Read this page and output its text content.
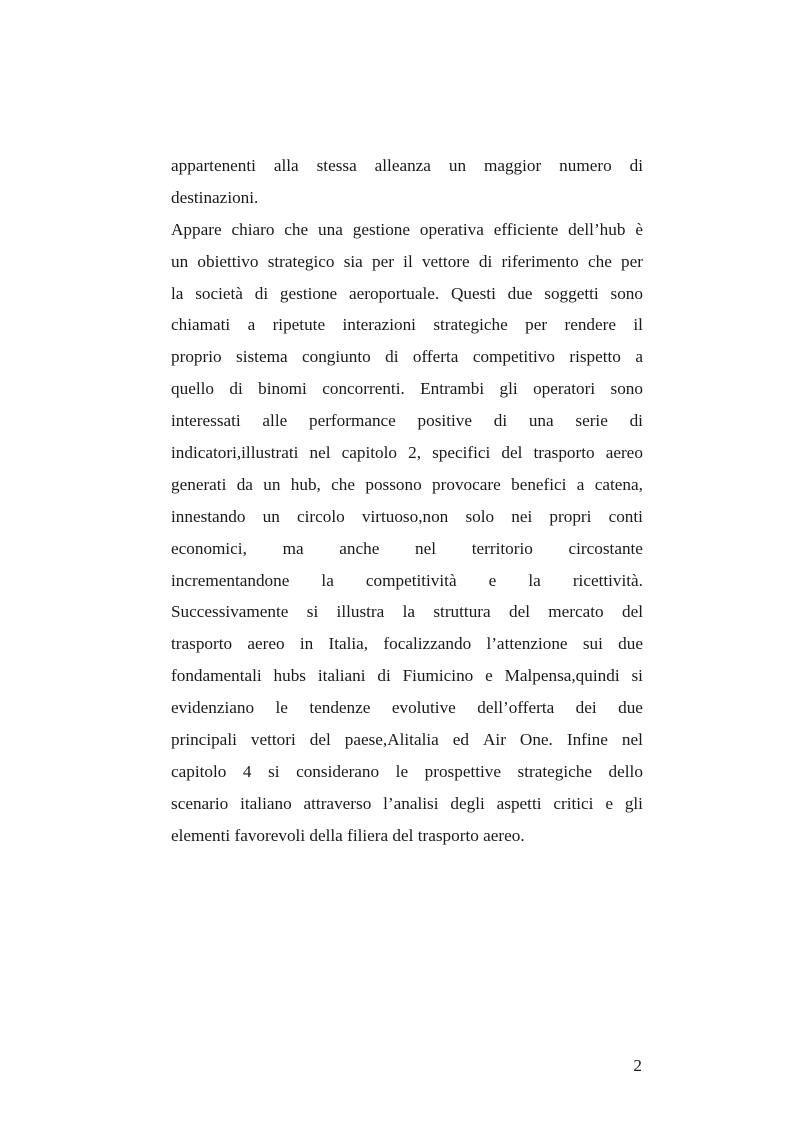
appartenenti alla stessa alleanza un maggior numero di
destinazioni.
Appare chiaro che una gestione operativa efficiente dell’hub è
un obiettivo strategico sia per il vettore di riferimento che per
la società di gestione aeroportuale. Questi due soggetti sono
chiamati a ripetute interazioni strategiche per rendere il
proprio sistema congiunto di offerta competitivo rispetto a
quello di binomi concorrenti. Entrambi gli operatori sono
interessati alle performance positive di una serie di
indicatori,illustrati nel capitolo 2, specifici del trasporto aereo
generati da un hub, che possono provocare benefici a catena,
innestando un circolo virtuoso,non solo nei propri conti
economici, ma anche nel territorio circostante
incrementandone la competitività e la ricettività.
Successivamente si illustra la struttura del mercato del
trasporto aereo in Italia, focalizzando l’attenzione sui due
fondamentali hubs italiani di Fiumicino e Malpensa,quindi si
evidenziano le tendenze evolutive dell’offerta dei due
principali vettori del paese,Alitalia ed Air One. Infine nel
capitolo 4 si considerano le prospettive strategiche dello
scenario italiano attraverso l’analisi degli aspetti critici e gli
elementi favorevoli della filiera del trasporto aereo.
2
